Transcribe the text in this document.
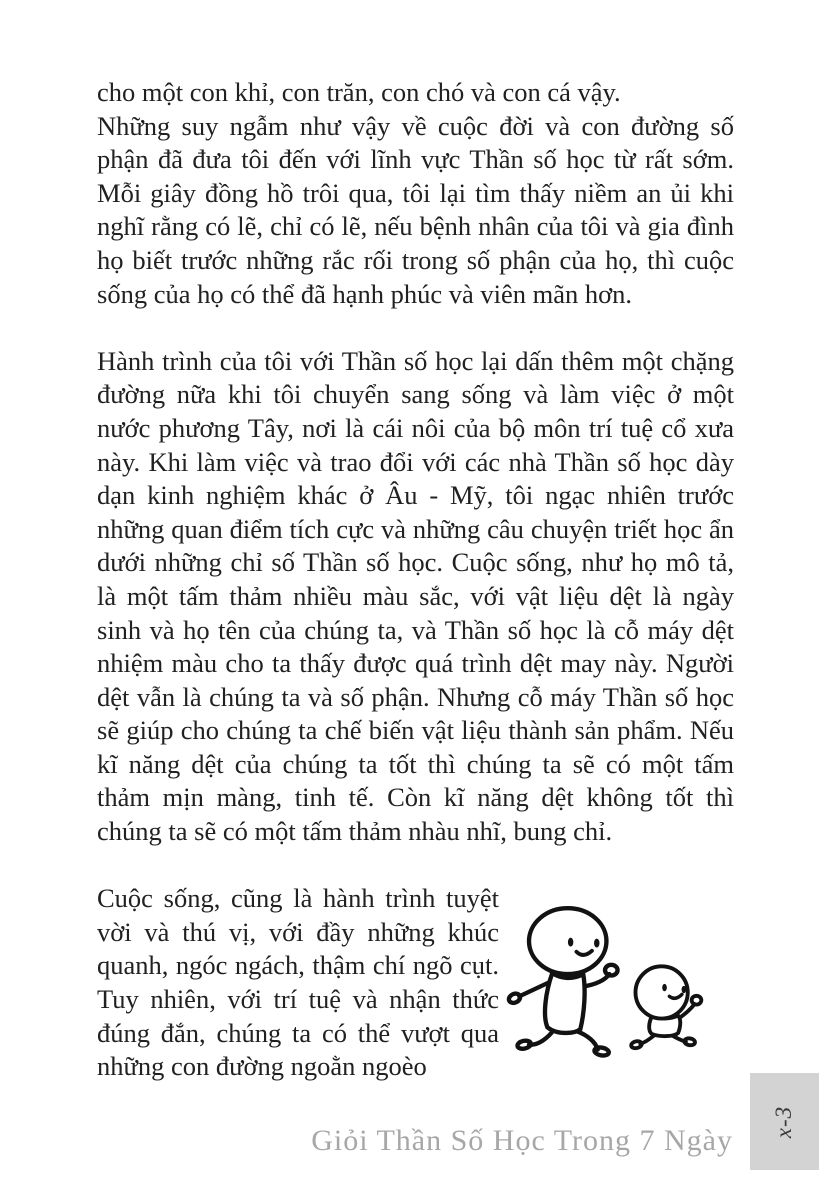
cho một con khỉ, con trăn, con chó và con cá vậy.

Những suy ngẫm như vậy về cuộc đời và con đường số phận đã đưa tôi đến với lĩnh vực Thần số học từ rất sớm. Mỗi giây đồng hồ trôi qua, tôi lại tìm thấy niềm an ủi khi nghĩ rằng có lẽ, chỉ có lẽ, nếu bệnh nhân của tôi và gia đình họ biết trước những rắc rối trong số phận của họ, thì cuộc sống của họ có thể đã hạnh phúc và viên mãn hơn.

Hành trình của tôi với Thần số học lại dấn thêm một chặng đường nữa khi tôi chuyển sang sống và làm việc ở một nước phương Tây, nơi là cái nôi của bộ môn trí tuệ cổ xưa này. Khi làm việc và trao đổi với các nhà Thần số học dày dạn kinh nghiệm khác ở Âu - Mỹ, tôi ngạc nhiên trước những quan điểm tích cực và những câu chuyện triết học ẩn dưới những chỉ số Thần số học. Cuộc sống, như họ mô tả, là một tấm thảm nhiều màu sắc, với vật liệu dệt là ngày sinh và họ tên của chúng ta, và Thần số học là cỗ máy dệt nhiệm màu cho ta thấy được quá trình dệt may này. Người dệt vẫn là chúng ta và số phận. Nhưng cỗ máy Thần số học sẽ giúp cho chúng ta chế biến vật liệu thành sản phẩm. Nếu kĩ năng dệt của chúng ta tốt thì chúng ta sẽ có một tấm thảm mịn màng, tinh tế. Còn kĩ năng dệt không tốt thì chúng ta sẽ có một tấm thảm nhàu nhĩ, bung chỉ.

Cuộc sống, cũng là hành trình tuyệt vời và thú vị, với đầy những khúc quanh, ngóc ngách, thậm chí ngõ cụt. Tuy nhiên, với trí tuệ và nhận thức đúng đắn, chúng ta có thể vượt qua những con đường ngoằn ngoèo

Giỏi Thần Số Học Trong 7 Ngày
x-3
